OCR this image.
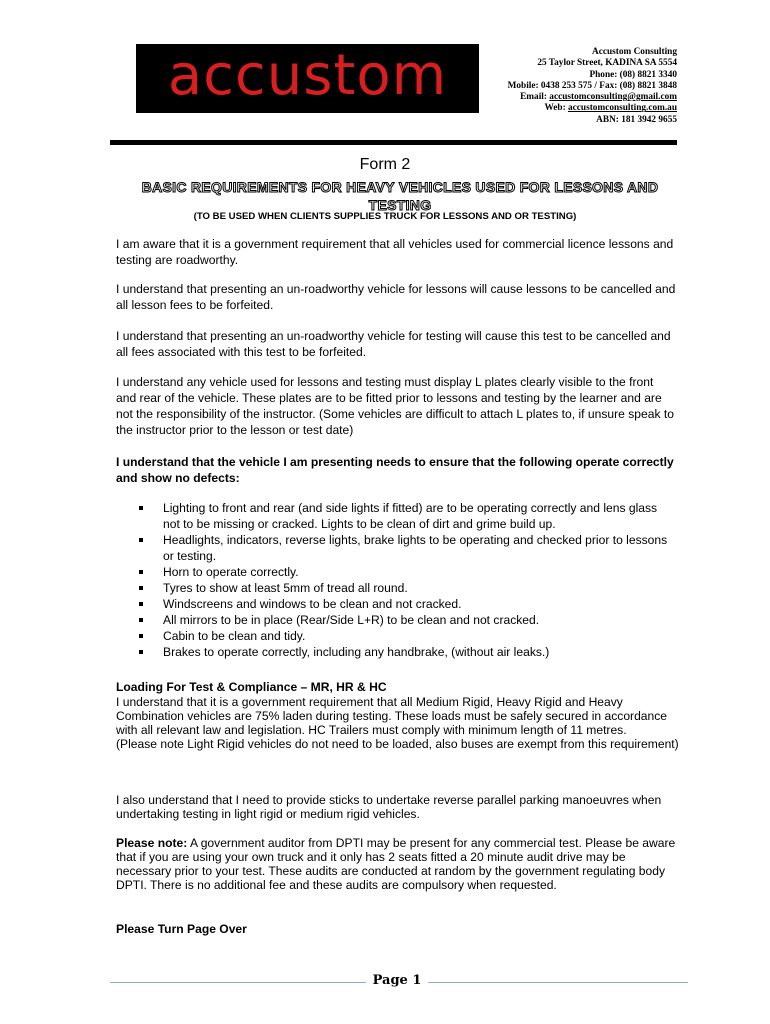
accustom	Accustom Consulting
25 Taylor Street, KADINA SA 5554
Phone: (08) 8821 3340
Mobile: 0438 253 575 / Fax: (08) 8821 3848
Email: accustomconsulting@gmail.com
Web: accustomconsulting.com.au
ABN: 181 3942 9655
Form 2
BASIC REQUIREMENTS FOR HEAVY VEHICLES USED FOR LESSONS AND TESTING
(TO BE USED WHEN CLIENTS SUPPLIES TRUCK FOR LESSONS AND OR TESTING)

I am aware that it is a government requirement that all vehicles used for commercial licence lessons and testing are roadworthy.

I understand that presenting an un-roadworthy vehicle for lessons will cause lessons to be cancelled and all lesson fees to be forfeited.

I understand that presenting an un-roadworthy vehicle for testing will cause this test to be cancelled and all fees associated with this test to be forfeited.

I understand any vehicle used for lessons and testing must display L plates clearly visible to the front and rear of the vehicle. These plates are to be fitted prior to lessons and testing by the learner and are not the responsibility of the instructor. (Some vehicles are difficult to attach L plates to, if unsure speak to the instructor prior to the lesson or test date)

I understand that the vehicle I am presenting needs to ensure that the following operate correctly and show no defects:

Lighting to front and rear (and side lights if fitted) are to be operating correctly and lens glass not to be missing or cracked. Lights to be clean of dirt and grime build up.
Headlights, indicators, reverse lights, brake lights to be operating and checked prior to lessons or testing.
Horn to operate correctly.
Tyres to show at least 5mm of tread all round.
Windscreens and windows to be clean and not cracked.
All mirrors to be in place (Rear/Side L+R) to be clean and not cracked.
Cabin to be clean and tidy.
Brakes to operate correctly, including any handbrake, (without air leaks.)

Loading For Test & Compliance – MR, HR & HC

I understand that it is a government requirement that all Medium Rigid, Heavy Rigid and Heavy Combination vehicles are 75% laden during testing. These loads must be safely secured in accordance with all relevant law and legislation. HC Trailers must comply with minimum length of 11 metres.
(Please note Light Rigid vehicles do not need to be loaded, also buses are exempt from this requirement)

I also understand that I need to provide sticks to undertake reverse parallel parking manoeuvres when undertaking testing in light rigid or medium rigid vehicles.

Please note: A government auditor from DPTI may be present for any commercial test. Please be aware that if you are using your own truck and it only has 2 seats fitted a 20 minute audit drive may be necessary prior to your test. These audits are conducted at random by the government regulating body DPTI. There is no additional fee and these audits are compulsory when requested.

Please Turn Page Over

Page 1
